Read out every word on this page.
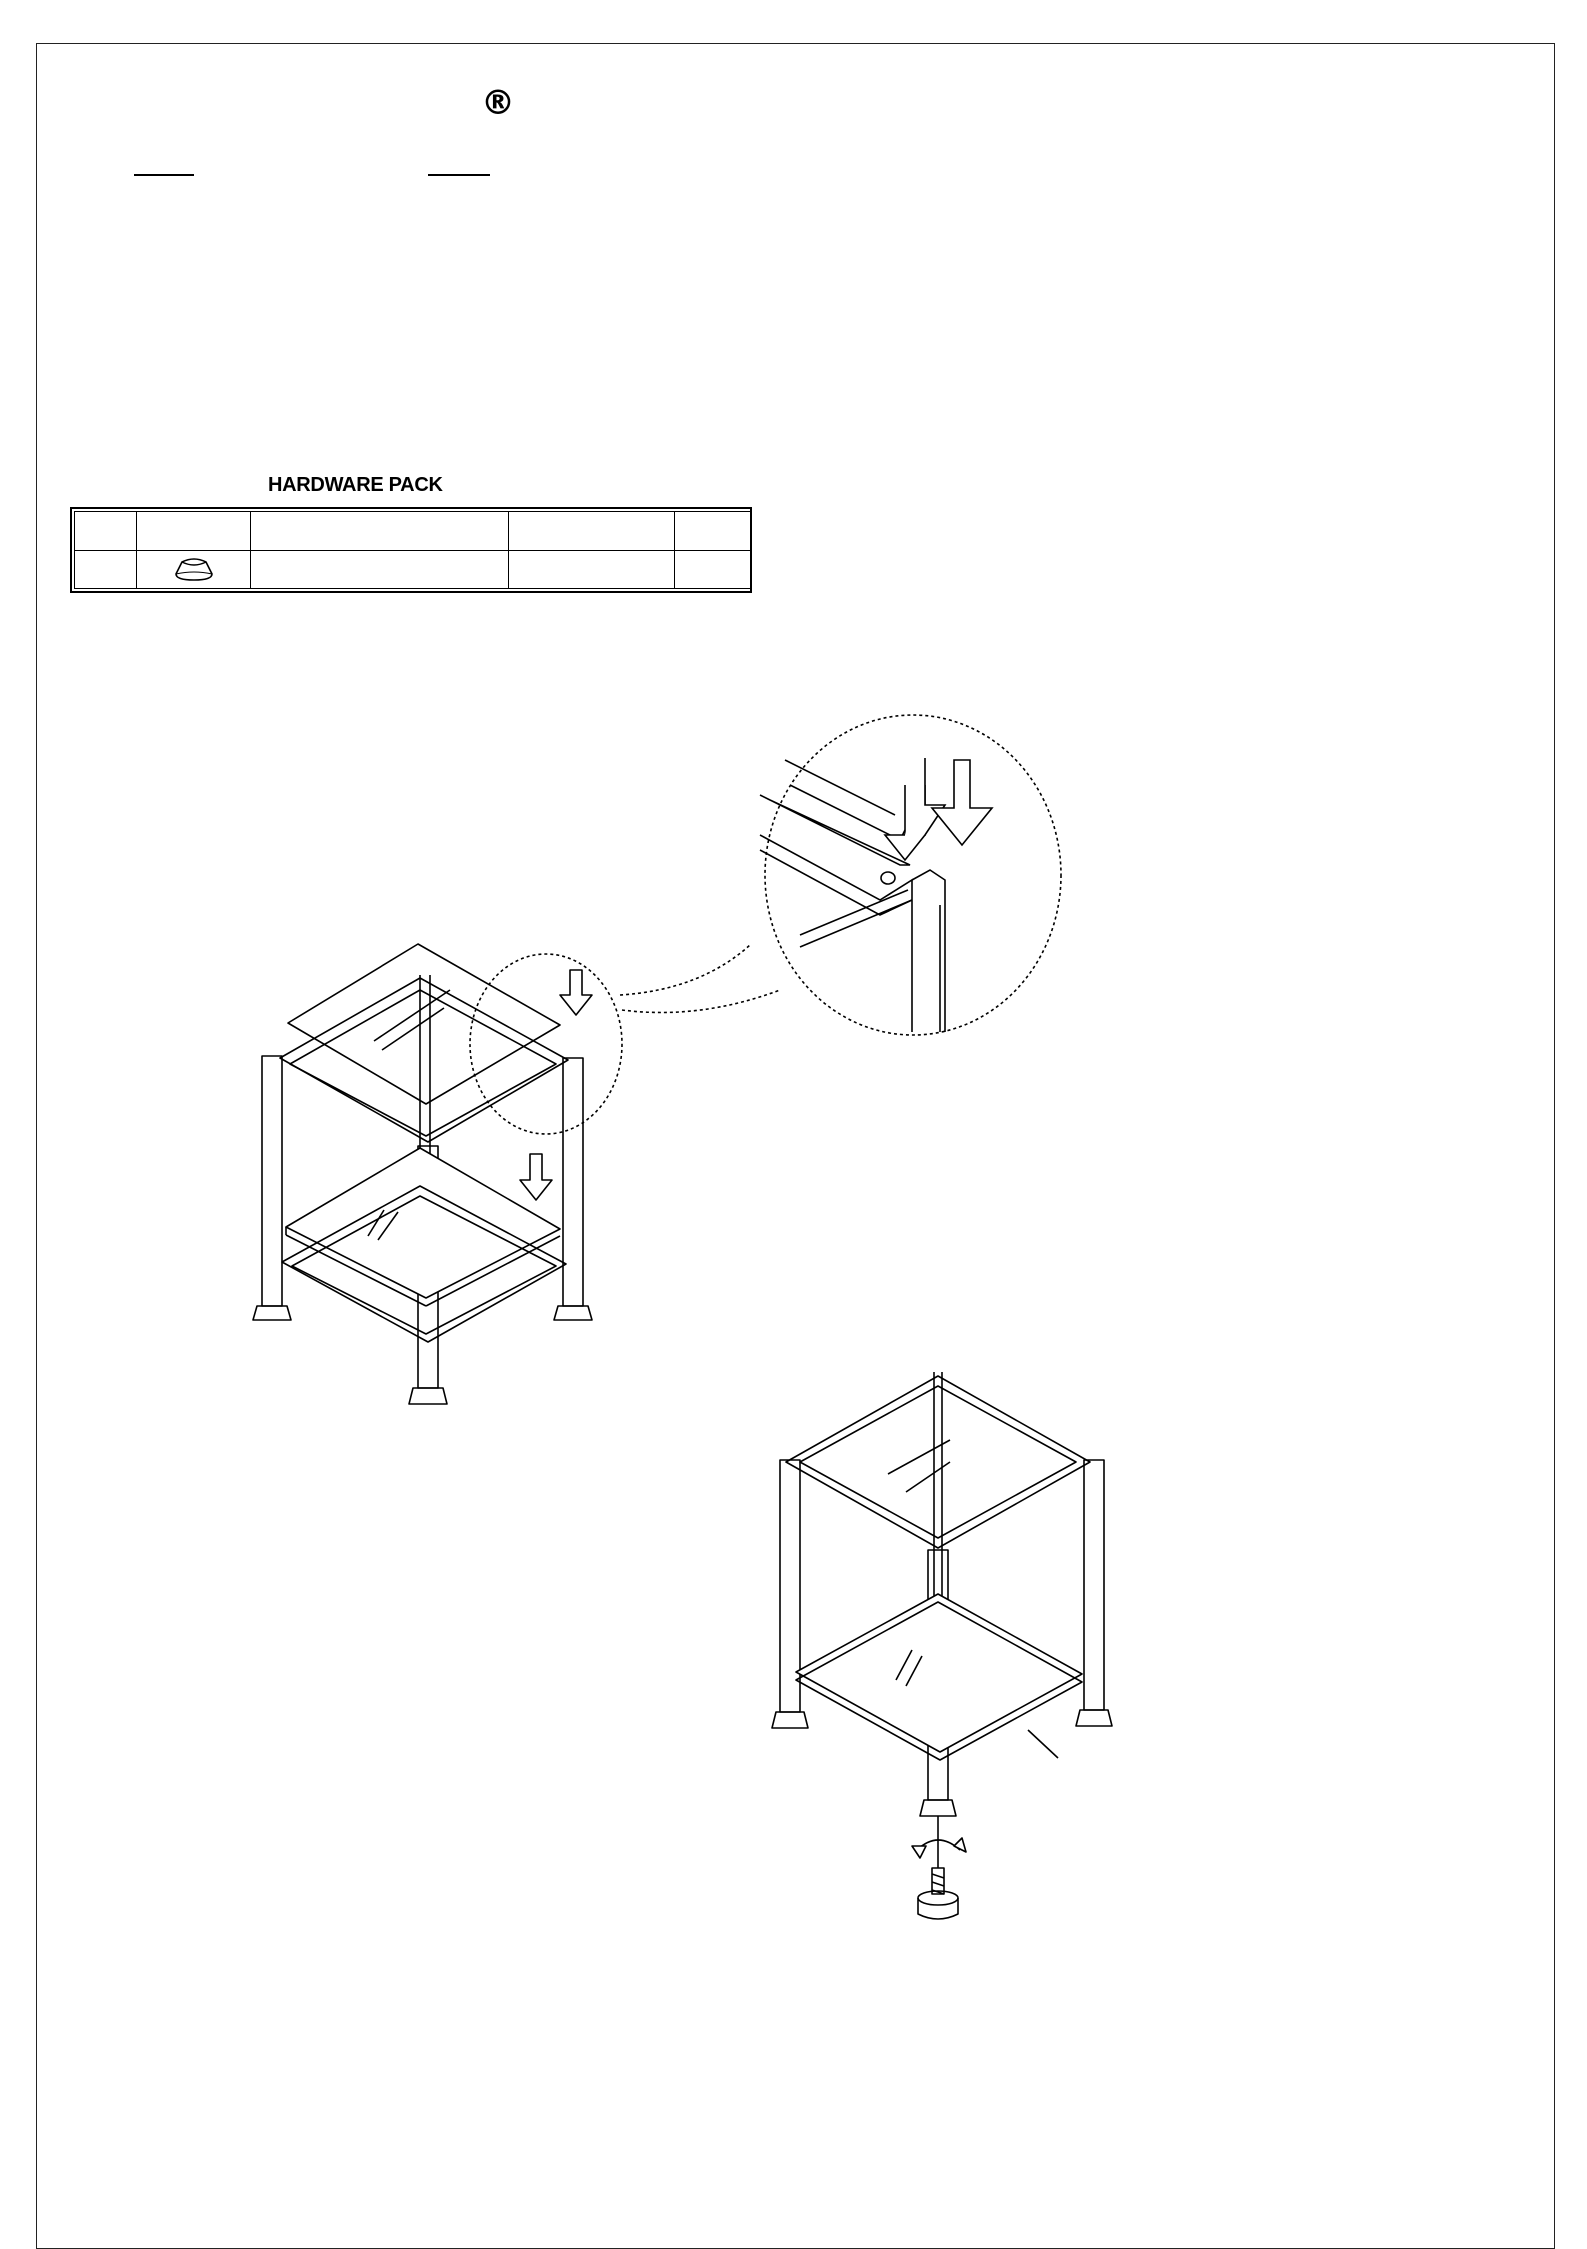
®
HARDWARE PACK
